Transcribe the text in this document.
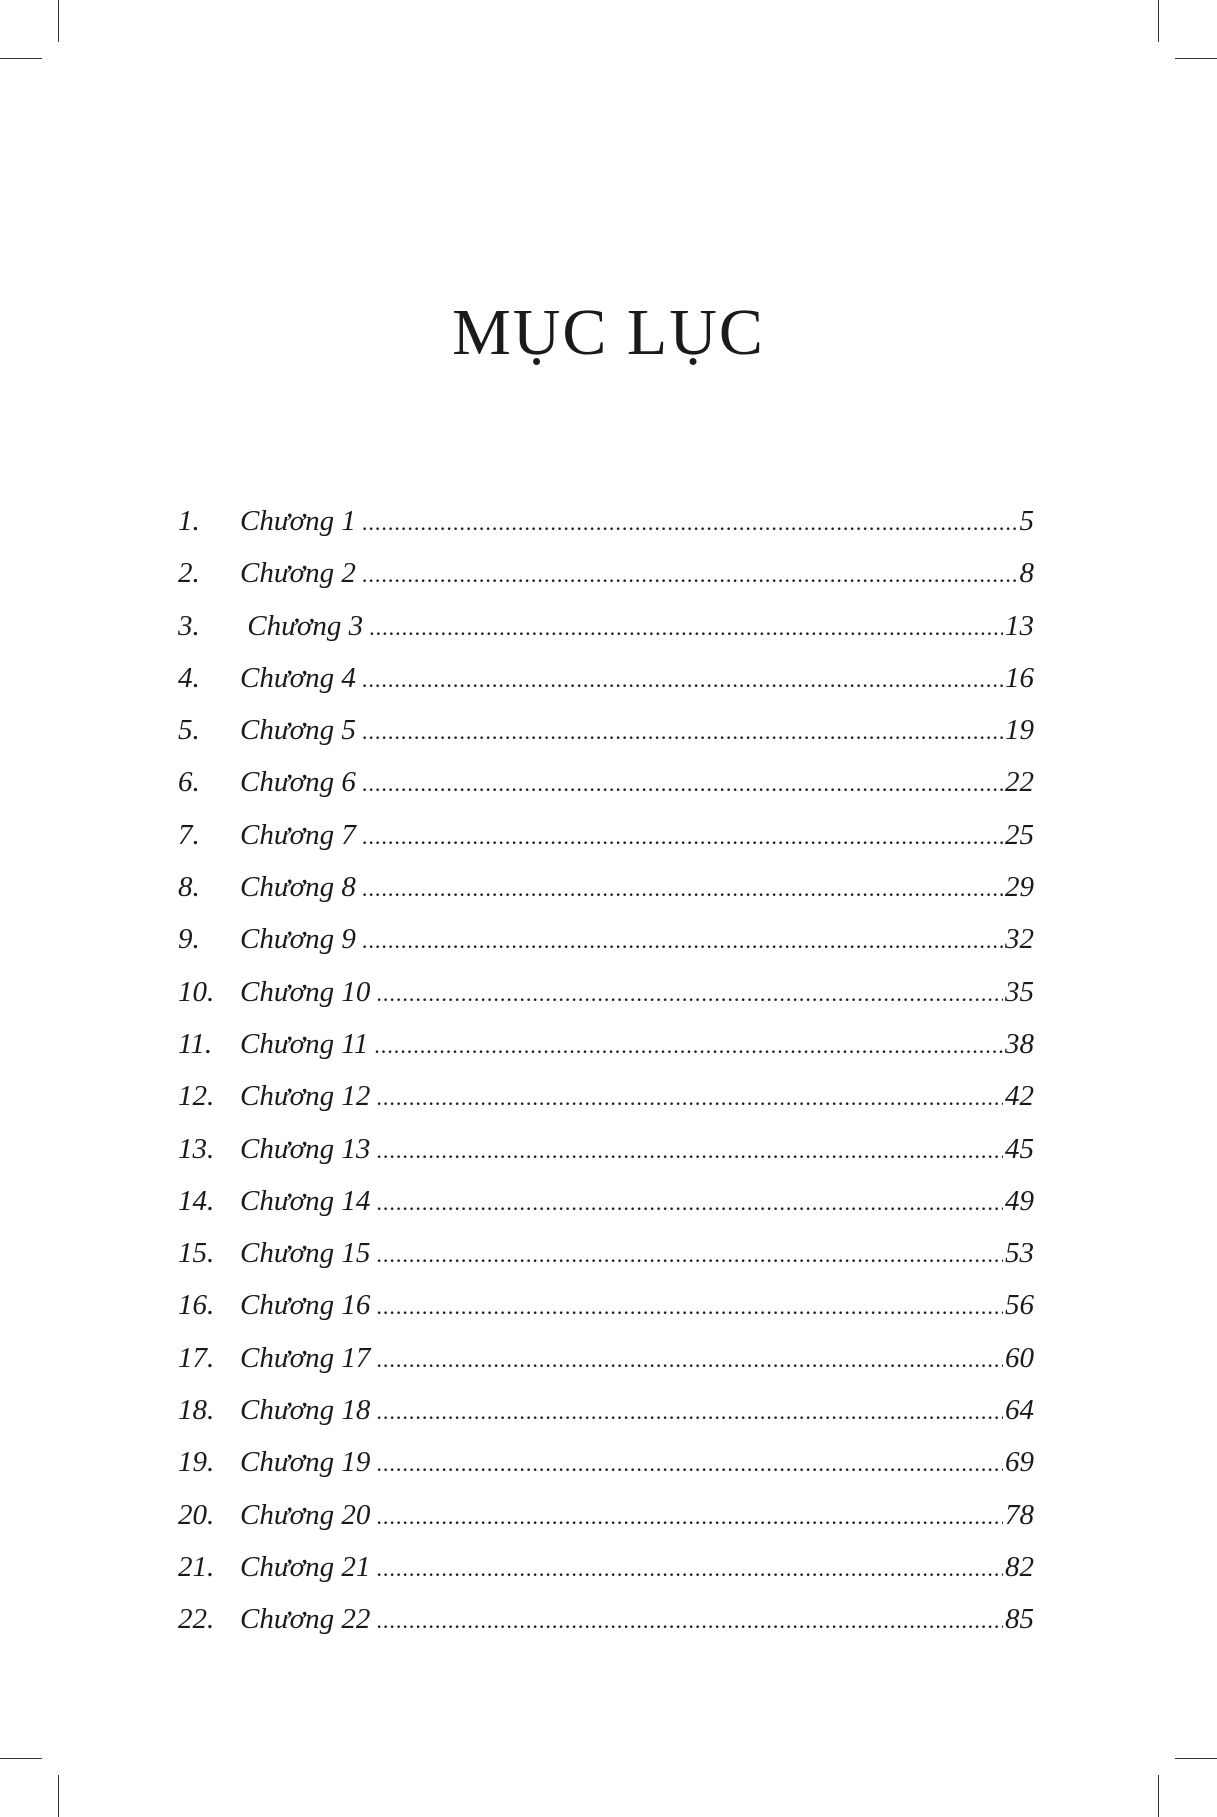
MỤC LỤC
1.	Chương 1 .....	5
2.	Chương 2 .....	8
3.	Chương 3 .....	13
4.	Chương 4 .....	16
5.	Chương 5 .....	19
6.	Chương 6 .....	22
7.	Chương 7 .....	25
8.	Chương 8 .....	29
9.	Chương 9 .....	32
10. Chương 10 .....	35
11. Chương 11 .....	38
12. Chương 12 .....	42
13. Chương 13 .....	45
14. Chương 14 .....	49
15. Chương 15 .....	53
16. Chương 16 .....	56
17. Chương 17 .....	60
18. Chương 18 .....	64
19. Chương 19 .....	69
20. Chương 20 .....	78
21. Chương 21 .....	82
22. Chương 22 .....	85
